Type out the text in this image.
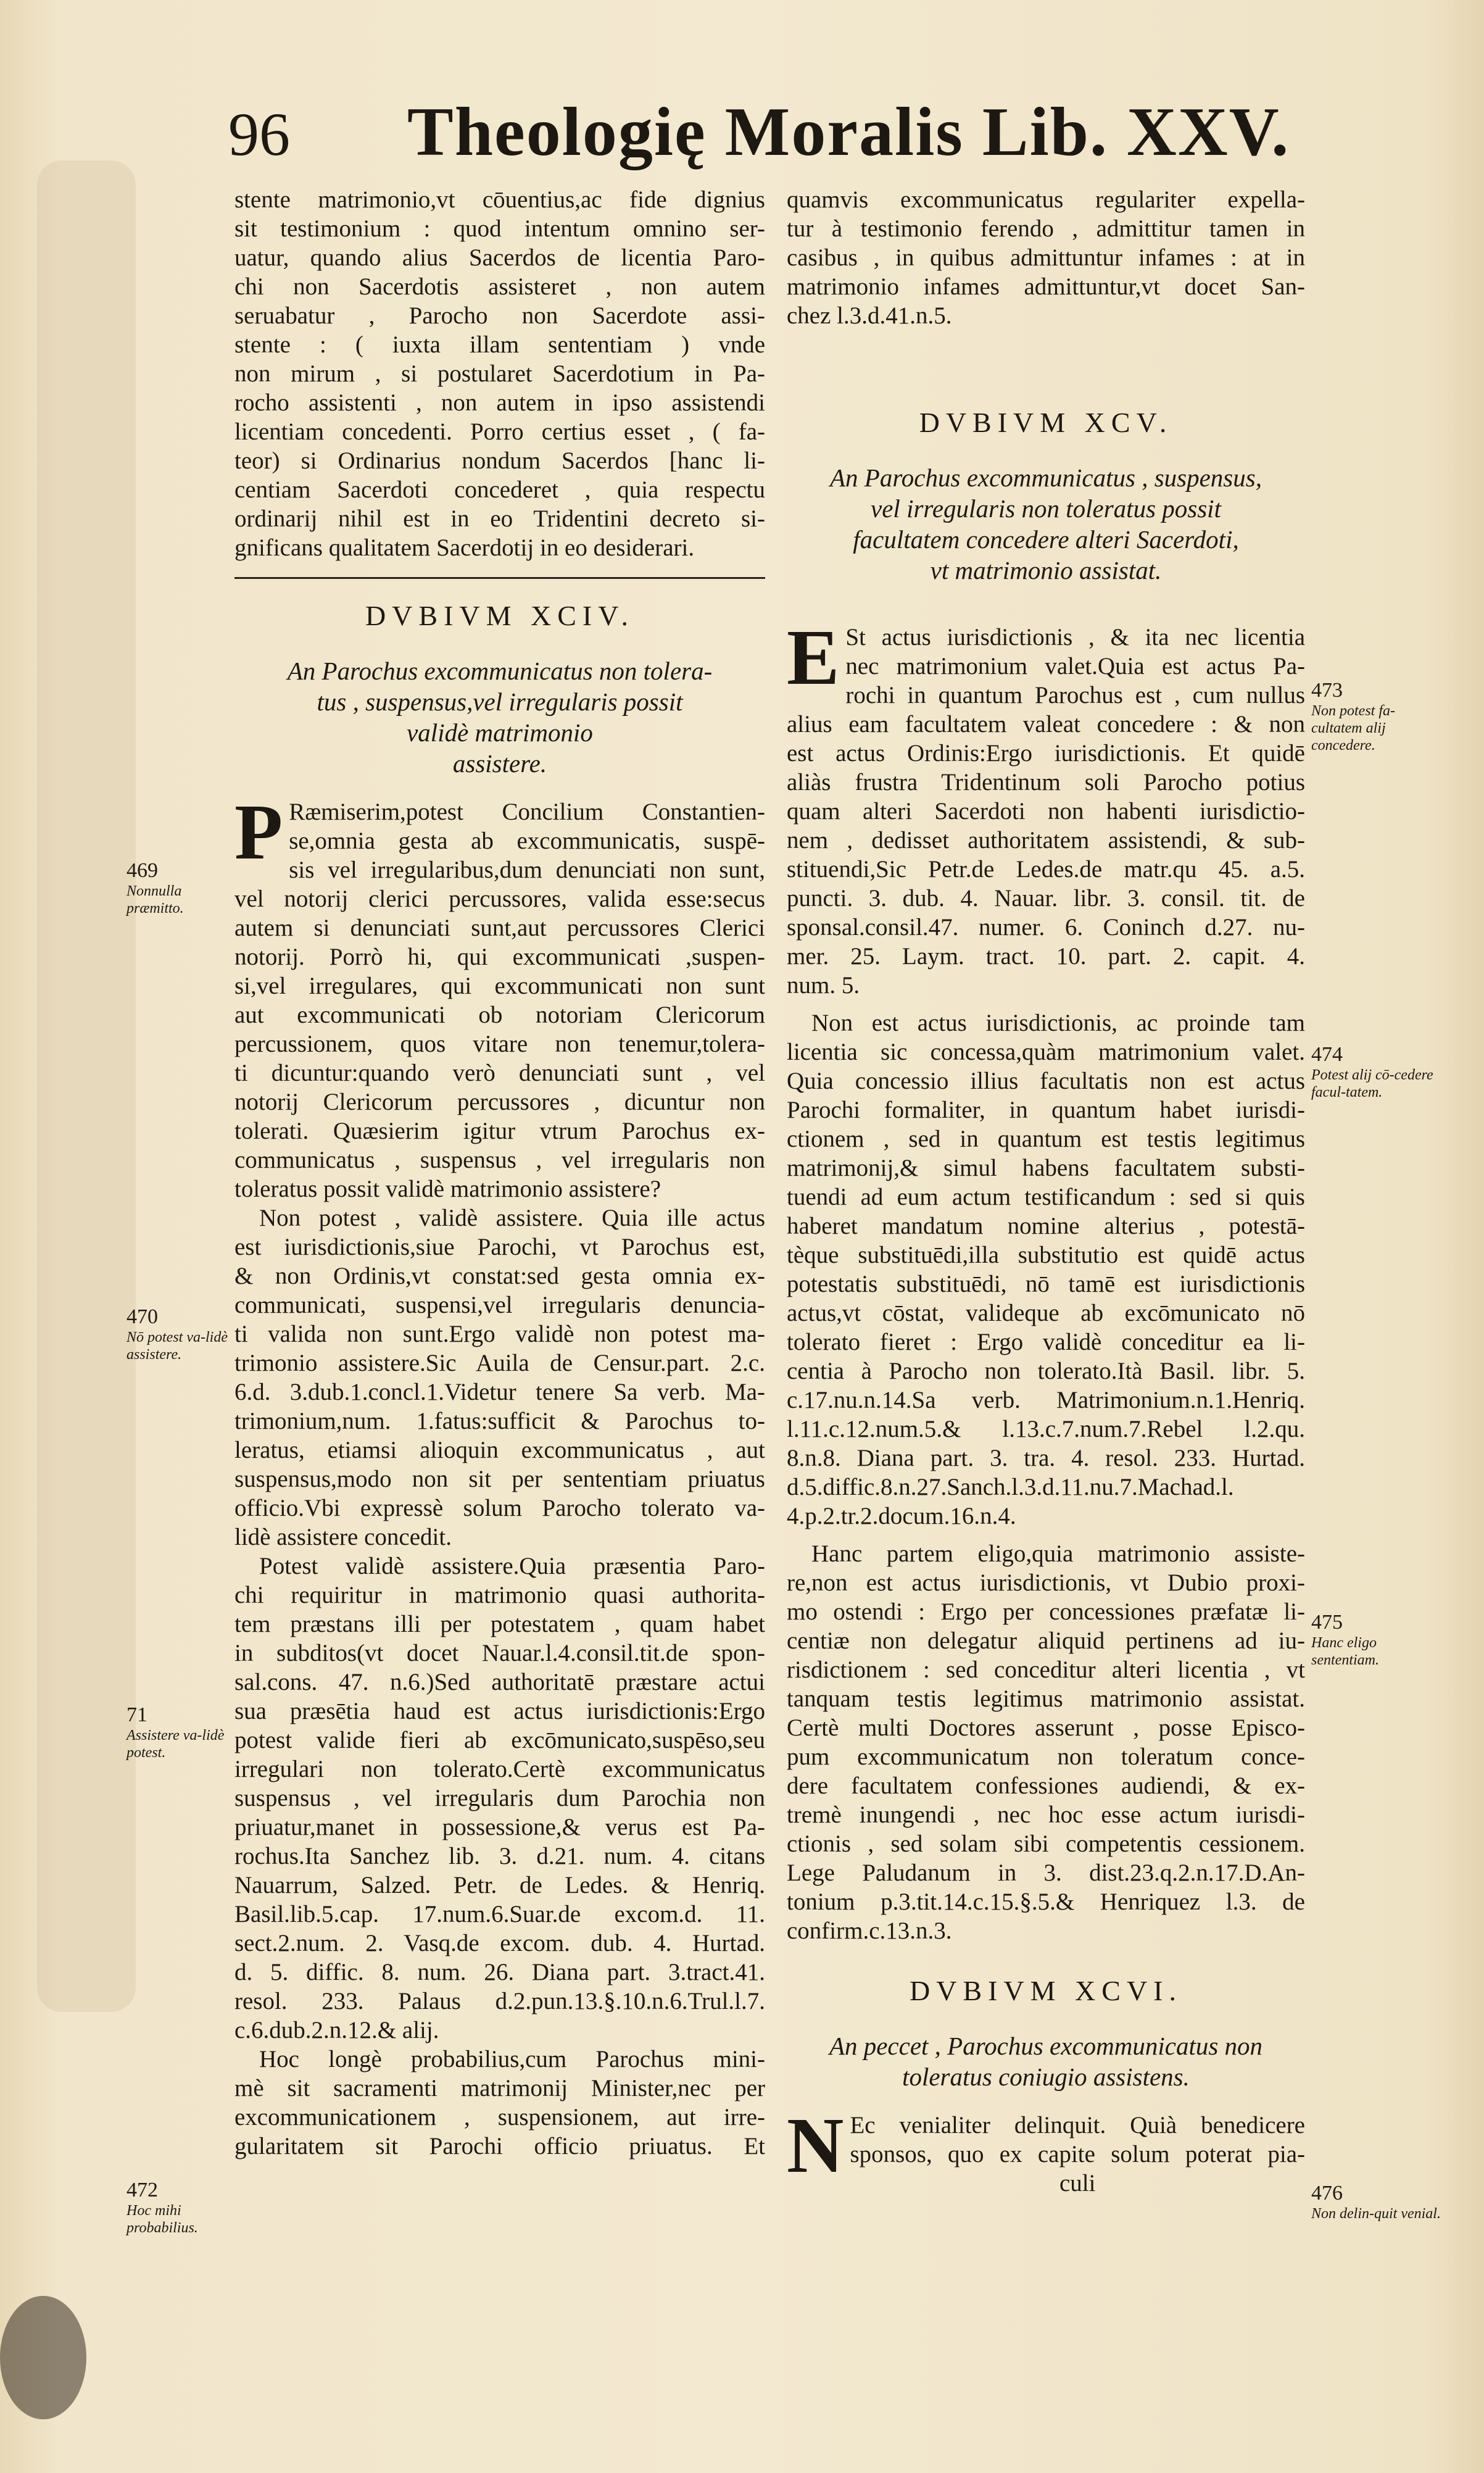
96 Theologię Moralis Lib. XXV.
stente matrimonio,vt cōuentius,ac fide dignius
sit testimonium : quod intentum omnino ser-
uatur, quando alius Sacerdos de licentia Paro-
chi non Sacerdotis assisteret , non autem
seruabatur , Parocho non Sacerdote assi-
stente : ( iuxta illam sententiam ) vnde
non mirum , si postularet Sacerdotium in Pa-
rocho assistenti , non autem in ipso assistendi
licentiam concedenti. Porro certius esset , ( fa-
teor) si Ordinarius nondum Sacerdos [hanc li-
centiam Sacerdoti concederet , quia respectu
ordinarij nihil est in eo Tridentini decreto si-
gnificans qualitatem Sacerdotij in eo desiderari.
DVBIVM XCIV.
An Parochus excommunicatus non tolera-
tus , suspensus,vel irregularis possit
validè matrimonio
assistere.
P Ræmiserim,potest Concilium Constantien-
se,omnia gesta ab excommunicatis, suspē-
sis vel irregularibus,dum denunciati non sunt,
vel notorij clerici percussores, valida esse:secus
autem si denunciati sunt,aut percussores Clerici
notorij. Porrò hi, qui excommunicati ,suspen-
si,vel irregulares, qui excommunicati non sunt
aut excommunicati ob notoriam Clericorum
percussionem, quos vitare non tenemur,tolera-
ti dicuntur:quando verò denunciati sunt , vel
notorij Clericorum percussores , dicuntur non
tolerati. Quæsierim igitur vtrum Parochus ex-
communicatus , suspensus , vel irregularis non
toleratus possit validè matrimonio assistere?
Non potest , validè assistere. Quia ille actus
est iurisdictionis,siue Parochi, vt Parochus est,
& non Ordinis,vt constat:sed gesta omnia ex-
communicati, suspensi,vel irregularis denuncia-
ti valida non sunt.Ergo validè non potest ma-
trimonio assistere.Sic Auila de Censur.part. 2.c.
6.d. 3.dub.1.concl.1.Videtur tenere Sa verb. Ma-
trimonium,num. 1.fatus:sufficit & Parochus to-
leratus, etiamsi alioquin excommunicatus , aut
suspensus,modo non sit per sententiam priuatus
officio.Vbi expressè solum Parocho tolerato va-
lidè assistere concedit.
Potest validè assistere.Quia præsentia Paro-
chi requiritur in matrimonio quasi authorita-
tem præstans illi per potestatem , quam habet
in subditos(vt docet Nauar.l.4.consil.tit.de spon-
sal.cons. 47. n.6.)Sed authoritatē præstare actui
sua præsētia haud est actus iurisdictionis:Ergo
potest valide fieri ab excōmunicato,suspēso,seu
irregulari non tolerato.Certè excommunicatus
suspensus , vel irregularis dum Parochia non
priuatur,manet in possessione,& verus est Pa-
rochus.Ita Sanchez lib. 3. d.21. num. 4. citans
Nauarrum, Salzed. Petr. de Ledes. & Henriq.
Basil.lib.5.cap. 17.num.6.Suar.de excom.d. 11.
sect.2.num. 2. Vasq.de excom. dub. 4. Hurtad.
d. 5. diffic. 8. num. 26. Diana part. 3.tract.41.
resol. 233. Palaus d.2.pun.13.§.10.n.6.Trul.l.7.
c.6.dub.2.n.12.& alij.
Hoc longè probabilius,cum Parochus mini-
mè sit sacramenti matrimonij Minister,nec per
excommunicationem , suspensionem, aut irre-
gularitatem sit Parochi officio priuatus. Et
quamvis excommunicatus regulariter expella-
tur à testimonio ferendo , admittitur tamen in
casibus , in quibus admittuntur infames : at in
matrimonio infames admittuntur,vt docet San-
chez l.3.d.41.n.5.
DVBIVM XCV.
An Parochus excommunicatus , suspensus,
vel irregularis non toleratus possit
facultatem concedere alteri Sacerdoti,
vt matrimonio assistat.
E St actus iurisdictionis , & ita nec licentia
nec matrimonium valet.Quia est actus Pa-
rochi in quantum Parochus est , cum nullus
alius eam facultatem valeat concedere : & non
est actus Ordinis:Ergo iurisdictionis. Et quidē
aliàs frustra Tridentinum soli Parocho potius
quam alteri Sacerdoti non habenti iurisdictio-
nem , dedisset authoritatem assistendi, & sub-
stituendi,Sic Petr.de Ledes.de matr.qu 45. a.5.
puncti. 3. dub. 4. Nauar. libr. 3. consil. tit. de
sponsal.consil.47. numer. 6. Coninch d.27. nu-
mer. 25. Laym. tract. 10. part. 2. capit. 4.
num. 5.
Non est actus iurisdictionis, ac proinde tam
licentia sic concessa,quàm matrimonium valet.
Quia concessio illius facultatis non est actus
Parochi formaliter, in quantum habet iurisdi-
ctionem , sed in quantum est testis legitimus
matrimonij,& simul habens facultatem substi-
tuendi ad eum actum testificandum : sed si quis
haberet mandatum nomine alterius , potestā-
tèque substituēdi,illa substitutio est quidē actus
potestatis substituēdi, nō tamē est iurisdictionis
actus,vt cōstat, valideque ab excōmunicato nō
tolerato fieret : Ergo validè conceditur ea li-
centia à Parocho non tolerato.Ità Basil. libr. 5.
c.17.nu.n.14.Sa verb. Matrimonium.n.1.Henriq.
l.11.c.12.num.5.& l.13.c.7.num.7.Rebel l.2.qu.
8.n.8. Diana part. 3. tra. 4. resol. 233. Hurtad.
d.5.diffic.8.n.27.Sanch.l.3.d.11.nu.7.Machad.l.
4.p.2.tr.2.docum.16.n.4.
Hanc partem eligo,quia matrimonio assiste-
re,non est actus iurisdictionis, vt Dubio proxi-
mo ostendi : Ergo per concessiones præfatæ li-
centiæ non delegatur aliquid pertinens ad iu-
risdictionem : sed conceditur alteri licentia , vt
tanquam testis legitimus matrimonio assistat.
Certè multi Doctores asserunt , posse Episco-
pum excommunicatum non toleratum conce-
dere facultatem confessiones audiendi, & ex-
tremè inungendi , nec hoc esse actum iurisdi-
ctionis , sed solam sibi competentis cessionem.
Lege Paludanum in 3. dist.23.q.2.n.17.D.An-
tonium p.3.tit.14.c.15.§.5.& Henriquez l.3. de
confirm.c.13.n.3.
DVBIVM XCVI.
An peccet , Parochus excommunicatus non
toleratus coniugio assistens.
N Ec venialiter delinquit. Quià benedicere
sponsos, quo ex capite solum poterat pia-
culi
469
Nonnulla præmitto.
470
Nō potest va-lidè assistere.
71
Assistere va-lidè potest.
472
Hoc mihi probabilius.
473
Non potest fa-cultatem alij concedere.
474
Potest alij cō-cedere facul-tatem.
475
Hanc eligo sententiam.
476
Non delin-quit venial.
